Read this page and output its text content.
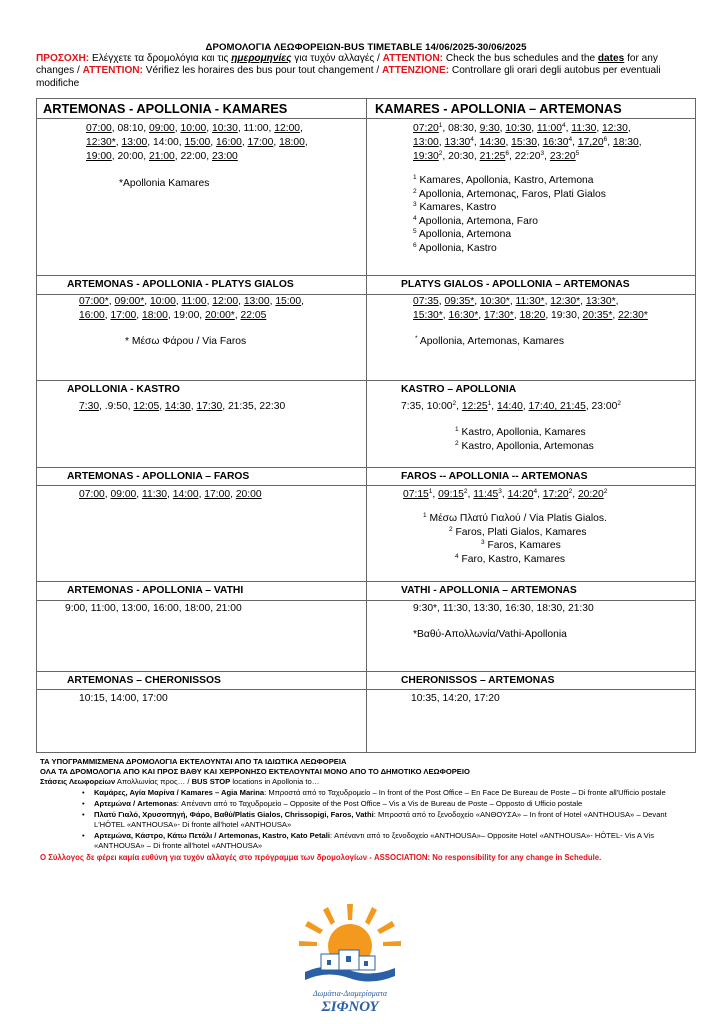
ΔΡΟΜΟΛΟΓΙΑ ΛΕΩΦΟΡΕΙΩΝ-BUS TIMETABLE 14/06/2025-30/06/2025
ΠΡΟΣΟΧΗ: Ελέγχετε τα δρομολόγια και τις ημερομηνίες για τυχόν αλλαγές / ATTENTION: Check the bus schedules and the dates for any changes / ATTENTION: Vérifiez les horaires des bus pour tout changement / ATTENZIONE: Controllare gli orari degli autobus per eventuali modifiche
ARTEMONAS - APOLLONIA - KAMARES
07:00, 08:10, 09:00, 10:00, 10:30, 11:00, 12:00,
12:30*, 13:00, 14:00, 15:00, 16:00, 17:00, 18:00,
19:00, 20:00, 21:00, 22:00, 23:00
*Apollonia Kamares
KAMARES - APOLLONIA – ARTEMONAS
$07:20^1$, 08:30, 9:30, 10:30, $11:00^4$, 11:30, 12:30,
13:00, $13:30^4$, 14:30, 15:30, $16:30^4$, 17,20$^6$, 18:30,
$19:30^2$, 20:30, $21:25^6$, $22:20^3$, $23:20^5$
$^1$ Kamares, Apollonia, Kastro, Artemona
$^2$ Apollonia, Artemonaς, Faros, Plati Gialos
$^3$ Kamares, Kastro
$^4$ Apollonia, Artemona, Faro
$^5$ Apollonia, Artemona
$^6$ Apollonia, Kastro
ARTEMONAS - APOLLONIA - PLATYS GIALOS
07:00*, 09:00*, 10:00, 11:00, 12:00, 13:00, 15:00,
16:00, 17:00, 18:00, 19:00, 20:00*, 22:05
* Μέσω Φάρου / Via Faros
PLATYS GIALOS - APOLLONIA – ARTEMONAS
07:35, 09:35*, 10:30*, 11:30*, 12:30*, 13:30*,
15:30*, 16:30*, 17:30*, 18:20, 19:30, 20:35*, 22:30*
* Apollonia, Artemonas, Kamares
APOLLONIA - KASTRO
7:30, .9:50, 12:05, 14:30, 17:30, 21:35, 22:30
KASTRO – APOLLONIA
7:35, $10:00^2$, $12:25^1$, 14:40, 17:40, 21:45, $23:00^2$
$^1$ Kastro, Apollonia, Kamares
$^2$ Kastro, Apollonia, Artemonas
ARTEMONAS - APOLLONIA – FAROS
07:00, 09:00, 11:30, 14:00, 17:00, 20:00
FAROS -- APOLLONIA -- ARTEMONAS
$07:15^1$, $09:15^2$, $11:45^3$, $14:20^4$, $17:20^2$, $20:20^2$
$^1$ Μέσω Πλατύ Γιαλού / Via Platis Gialos.
$^2$ Faros, Plati Gialos, Kamares
$^3$ Faros, Kamares
$^4$ Faro, Kastro, Kamares
ARTEMONAS - APOLLONIA – VATHI
9:00, 11:00, 13:00, 16:00, 18:00, 21:00
VATHI - APOLLONIA – ARTEMONAS
9:30*, 11:30, 13:30, 16:30, 18:30, 21:30
*Βαθύ-Απολλωνία/Vathi-Apollonia
ARTEMONAS – CHERONISSOS
10:15, 14:00, 17:00
CHERONISSOS – ARTEMONAS
10:35, 14:20, 17:20
ΤΑ ΥΠΟΓΡΑΜΜΙΣΜΕΝΑ ΔΡΟΜΟΛΟΓΙΑ ΕΚΤΕΛΟΥΝΤΑΙ ΑΠΟ ΤΑ ΙΔΙΩΤΙΚΑ ΛΕΩΦΟΡΕΙΑ
ΟΛΑ ΤΑ ΔΡΟΜΟΛΟΓΙΑ ΑΠΟ ΚΑΙ ΠΡΟΣ ΒΑΘΥ ΚΑΙ ΧΕΡΡΟΝΗΣΟ ΕΚΤΕΛΟΥΝΤΑΙ ΜΟΝΟ ΑΠΟ ΤΟ ΔΗΜΟΤΙΚΟ ΛΕΩΦΟΡΕΙΟ
Στάσεις Λεωφορείων Απολλωνίας προς… / BUS STOP locations in Apollonia to…
• Καμάρες, Αγία Μαρίνα / Kamares – Agia Marina: Μπροστά από το Ταχυδρομείο – In front of the Post Office – En Face De Bureau de Poste – Di fronte all'Ufficio postale
• Αρτεμώνα / Artemonas: Απέναντι από το Ταχυδρομείο – Opposite of the Post Office – Vis a Vis de Bureau de Poste – Opposto di Ufficio postale
• Πλατύ Γιαλό, Χρυσοπηγή, Φάρο, Βαθύ/Platis Gialos, Chrissopigi, Faros, Vathi: Μπροστά από το ξενοδοχείο «ΑΝΘΟΥΣΑ» – In front of Hotel «ANTHOUSA» – Devant L'HÔTEL «ANTHOUSA»- Di fronte all'hotel «ANTHOUSA»
• Αρτεμώνα, Κάστρο, Κάτω Πετάλι / Artemonas, Kastro, Kato Petali: Απέναντι από το ξενοδοχείο «ANTHOUSA»– Opposite Hotel «ANTHOUSA»- HÔTEL- Vis A Vis «ANTHOUSA» – Di fronte all'hotel «ANTHOUSA»
Ο Σύλλογος δε φέρει καμία ευθύνη για τυχόν αλλαγές στο πρόγραμμα των δρομολογίων - ASSOCIATION: No responsibility for any change in Schedule.
Δωμάτια-Διαμερίσματα
ΣΙΦΝΟΥ
